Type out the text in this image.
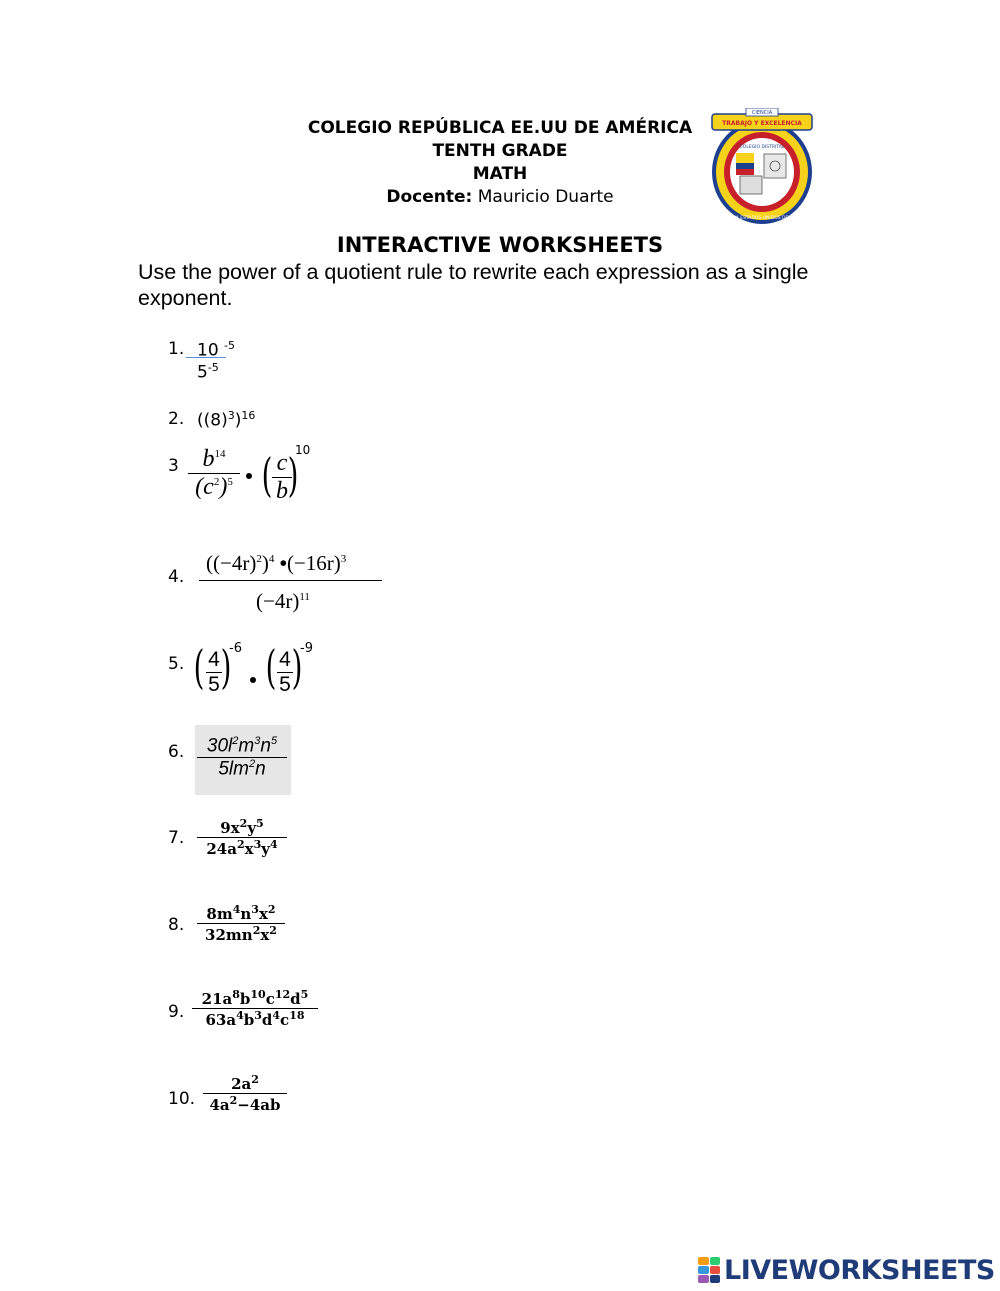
COLEGIO REPÚBLICA EE.UU DE AMÉRICA
TENTH GRADE
MATH
Docente: Mauricio Duarte
CIENCIA
TRABAJO Y EXCELENCIA
COLEGIO DISTRITAL
REPÚBLICA ESTADOS UNIDOS DE AMÉRICA
INTERACTIVE WORKSHEETS
Use the power of a quotient rule to rewrite each expression as a single exponent.
1. 10 $^{-5}$
$5^{-5}$
2. $((8)^3)^{16}$
3 $b^{14}$
$(c^2)^5$ ( c
b )
10
4.
$((-4r)^2)^4$ $•(-16r)^3$
$(-4r)^{11}$
5. ( 4
5 )
-6 ( 4
5 )
-9
6.	$30l^2m^3n^5$
$5lm^2n$
7.	$9x^2y^5$
$24a^2x^3y^4$
8.
$8m^4n^3x^2$
$32mn^2x^2$
9.
$21a^8b^{10}c^{12}d^5$
$63a^4b^3d^4c^{18}$
10.
$2a^2$
$4a^2-4ab$
LIVEWORKSHEETS
